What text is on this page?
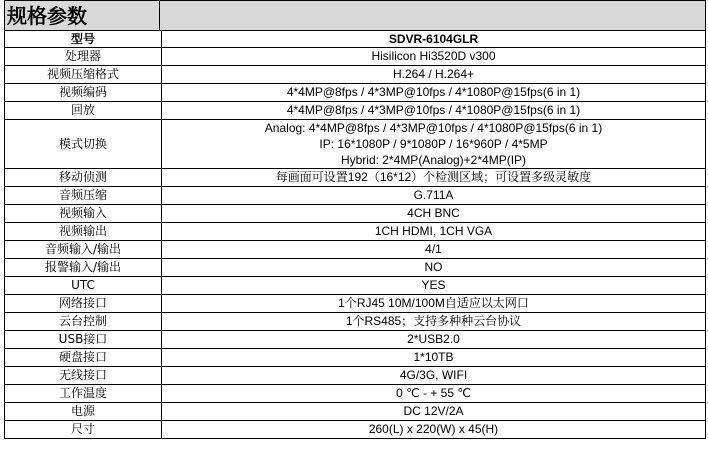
规格参数
型号	SDVR-6104GLR
处理器	Hisilicon Hi3520D v300
视频压缩格式	H.264 / H.264+
视频编码	4*4MP@8fps / 4*3MP@10fps / 4*1080P@15fps(6 in 1)
回放	4*4MP@8fps / 4*3MP@10fps / 4*1080P@15fps(6 in 1)
模式切换	Analog: 4*4MP@8fps / 4*3MP@10fps / 4*1080P@15fps(6 in 1)
IP: 16*1080P / 9*1080P / 16*960P / 4*5MP
Hybrid: 2*4MP(Analog)+2*4MP(IP)

移动侦测	每画面可设置192（16*12）个检测区域；可设置多级灵敏度
音频压缩	G.711A
视频输入	4CH BNC
视频输出	1CH HDMI, 1CH VGA
音频输入/输出	4/1
报警输入/输出	NO
UTC	YES
网络接口	1个RJ45 10M/100M自适应以太网口
云台控制	1个RS485；支持多种种云台协议
USB接口	2*USB2.0
硬盘接口	1*10TB
无线接口	4G/3G, WIFI
工作温度	0 ℃ - + 55 ℃
电源	DC 12V/2A
尺寸	260(L) x 220(W) x 45(H)
